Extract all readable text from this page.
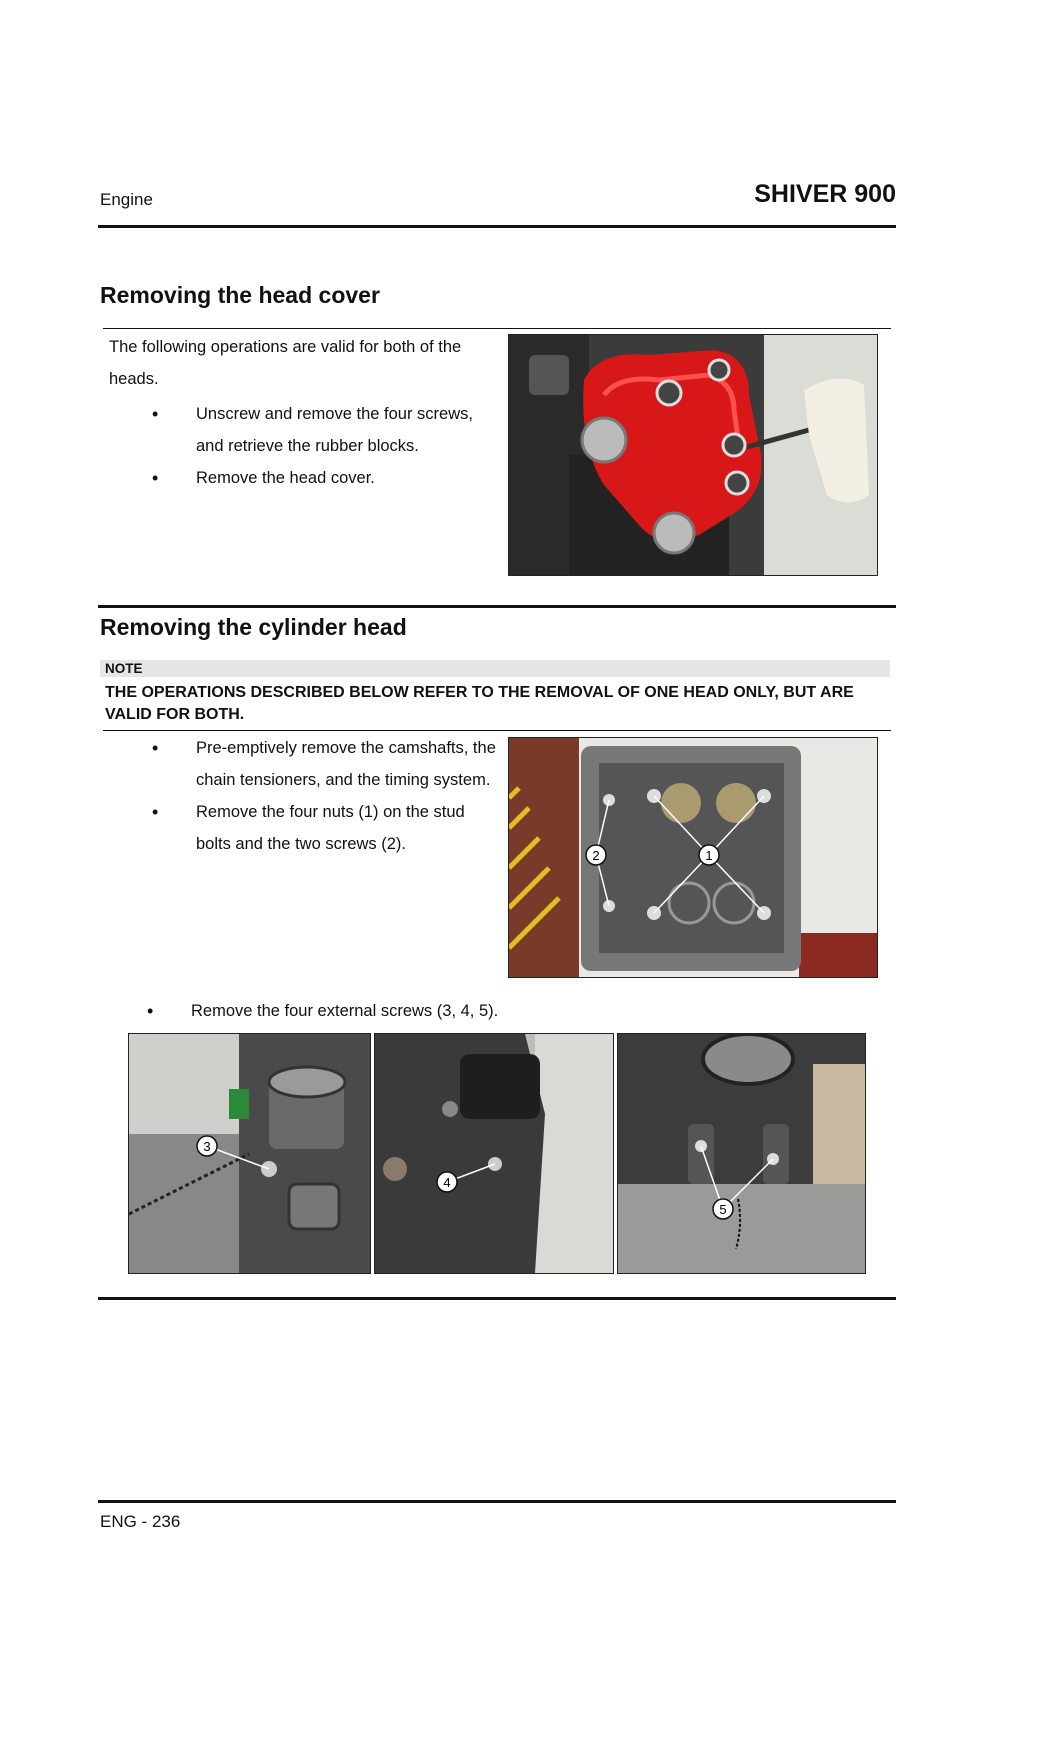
Engine	SHIVER 900
Removing the head cover
The following operations are valid for both of the heads.
• Unscrew and remove the four screws, and retrieve the rubber blocks.
• Remove the head cover.
Removing the cylinder head
NOTE
THE OPERATIONS DESCRIBED BELOW REFER TO THE REMOVAL OF ONE HEAD ONLY, BUT ARE VALID FOR BOTH.
• Pre-emptively remove the camshafts, the chain tensioners, and the timing system.
• Remove the four nuts (1) on the stud bolts and the two screws (2).
1
2
• Remove the four external screws (3, 4, 5).
3
4
5
ENG - 236
